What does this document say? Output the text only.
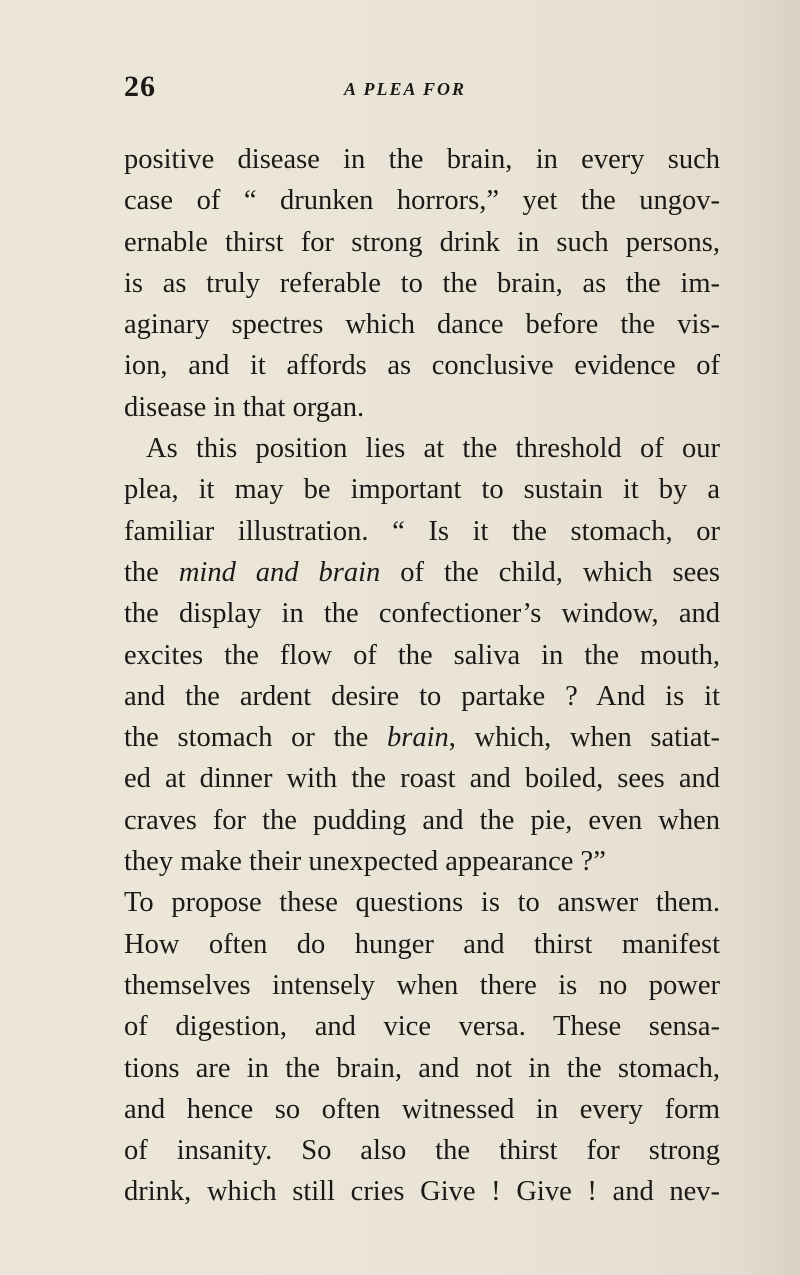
26	A PLEA FOR
positive disease in the brain, in every such
case of “ drunken horrors,” yet the ungov-
ernable thirst for strong drink in such persons,
is as truly referable to the brain, as the im-
aginary spectres which dance before the vis-
ion, and it affords as conclusive evidence of
disease in that organ.
As this position lies at the threshold of our
plea, it may be important to sustain it by a
familiar illustration. “ Is it the stomach, or
the mind and brain of the child, which sees
the display in the confectioner’s window, and
excites the flow of the saliva in the mouth,
and the ardent desire to partake ? And is it
the stomach or the brain, which, when satiat-
ed at dinner with the roast and boiled, sees and
craves for the pudding and the pie, even when
they make their unexpected appearance ?”
To propose these questions is to answer them.
How often do hunger and thirst manifest
themselves intensely when there is no power
of digestion, and vice versa. These sensa-
tions are in the brain, and not in the stomach,
and hence so often witnessed in every form
of insanity. So also the thirst for strong
drink, which still cries Give ! Give ! and nev-
